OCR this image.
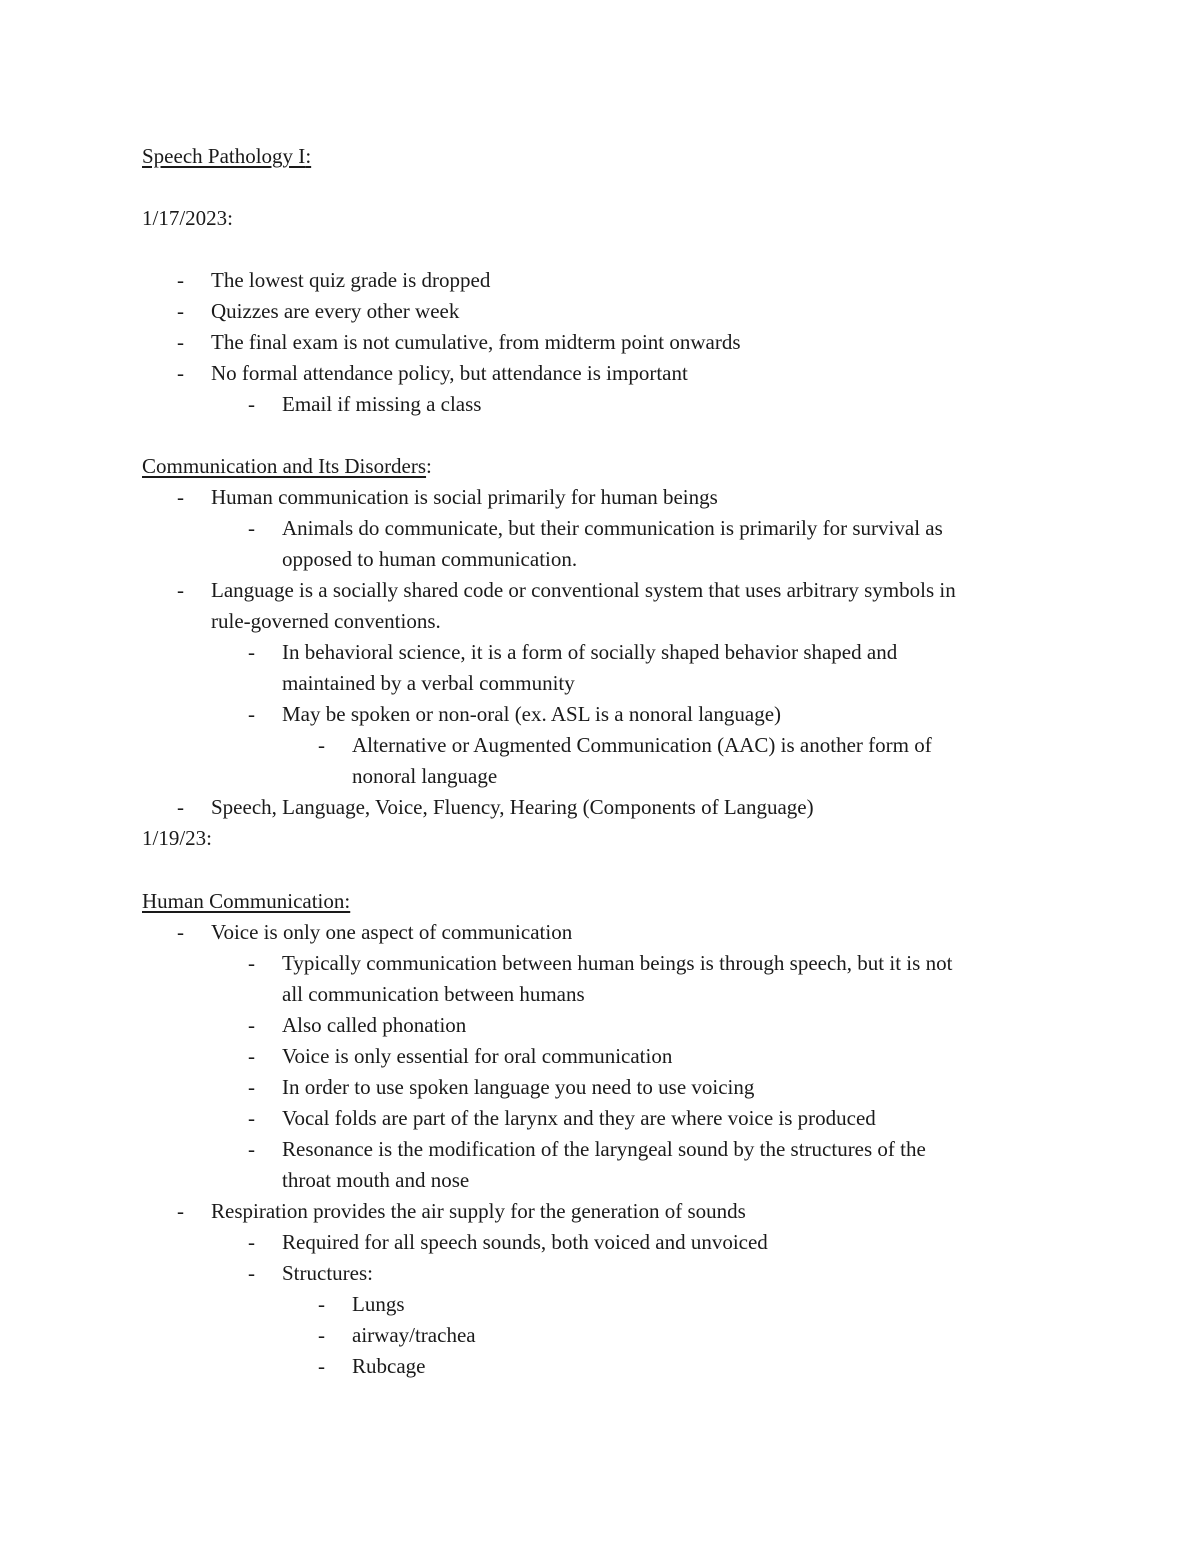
Speech Pathology I:
1/17/2023:
- The lowest quiz grade is dropped
- Quizzes are every other week
- The final exam is not cumulative, from midterm point onwards
- No formal attendance policy, but attendance is important
- Email if missing a class
Communication and Its Disorders:
- Human communication is social primarily for human beings
- Animals do communicate, but their communication is primarily for survival as
opposed to human communication.
- Language is a socially shared code or conventional system that uses arbitrary symbols in
rule-governed conventions.
- In behavioral science, it is a form of socially shaped behavior shaped and
maintained by a verbal community
- May be spoken or non-oral (ex. ASL is a nonoral language)
- Alternative or Augmented Communication (AAC) is another form of
nonoral language
- Speech, Language, Voice, Fluency, Hearing (Components of Language)
1/19/23:
Human Communication:
- Voice is only one aspect of communication
- Typically communication between human beings is through speech, but it is not
all communication between humans
- Also called phonation
- Voice is only essential for oral communication
- In order to use spoken language you need to use voicing
- Vocal folds are part of the larynx and they are where voice is produced
- Resonance is the modification of the laryngeal sound by the structures of the
throat mouth and nose
- Respiration provides the air supply for the generation of sounds
- Required for all speech sounds, both voiced and unvoiced
- Structures:
- Lungs
- airway/trachea
- Rubcage
